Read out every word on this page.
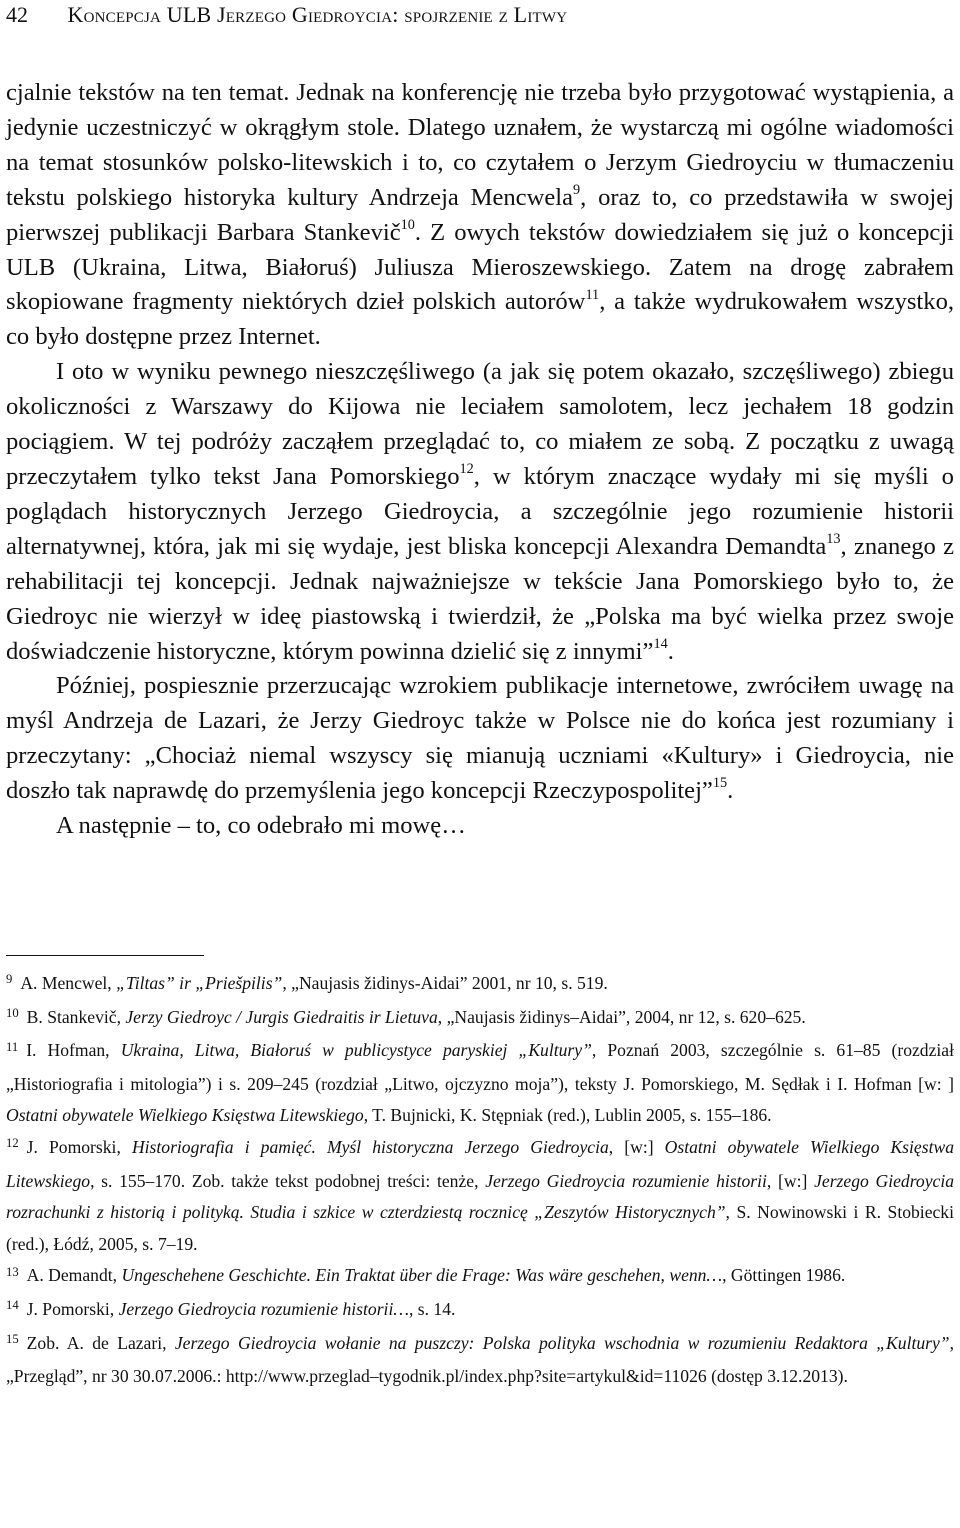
42 Koncepcja ULB Jerzego Giedroycia: spojrzenie z Litwy

cjalnie tekstów na ten temat. Jednak na konferencję nie trzeba było przygotować wystąpienia, a jedynie uczestniczyć w okrągłym stole. Dlatego uznałem, że wystarczą mi ogólne wiadomości na temat stosunków polsko-litewskich i to, co czytałem o Jerzym Giedroyciu w tłumaczeniu tekstu polskiego historyka kultury Andrzeja Mencwela$^9$, oraz to, co przedstawiła w swojej pierwszej publikacji Barbara Stankevič$^{10}$. Z owych tekstów dowiedziałem się już o koncepcji ULB (Ukraina, Litwa, Białoruś) Juliusza Mieroszewskiego. Zatem na drogę zabrałem skopiowane fragmenty niektórych dzieł polskich autorów$^{11}$, a także wydrukowałem wszystko, co było dostępne przez Internet.

I oto w wyniku pewnego nieszczęśliwego (a jak się potem okazało, szczęśliwego) zbiegu okoliczności z Warszawy do Kijowa nie leciałem samolotem, lecz jechałem 18 godzin pociągiem. W tej podróży zacząłem przeglądać to, co miałem ze sobą. Z początku z uwagą przeczytałem tylko tekst Jana Pomorskiego$^{12}$, w którym znaczące wydały mi się myśli o poglądach historycznych Jerzego Giedroycia, a szczególnie jego rozumienie historii alternatywnej, która, jak mi się wydaje, jest bliska koncepcji Alexandra Demandta$^{13}$, znanego z rehabilitacji tej koncepcji. Jednak najważniejsze w tekście Jana Pomorskiego było to, że Giedroyc nie wierzył w ideę piastowską i twierdził, że „Polska ma być wielka przez swoje doświadczenie historyczne, którym powinna dzielić się z innymi”$^{14}$.

Później, pospiesznie przerzucając wzrokiem publikacje internetowe, zwróciłem uwagę na myśl Andrzeja de Lazari, że Jerzy Giedroyc także w Polsce nie do końca jest rozumiany i przeczytany: „Chociaż niemal wszyscy się mianują uczniami «Kultury» i Giedroycia, nie doszło tak naprawdę do przemyślenia jego koncepcji Rzeczypospolitej”$^{15}$.

A następnie – to, co odebrało mi mowę…

$^9$ A. Mencwel, „Tiltas” ir „Priešpilis”, „Naujasis židinys-Aidai” 2001, nr 10, s. 519.

$^{10}$ B. Stankevič, Jerzy Giedroyc / Jurgis Giedraitis ir Lietuva, „Naujasis židinys–Aidai”, 2004, nr 12, s. 620–625.

$^{11}$ I. Hofman, Ukraina, Litwa, Białoruś w publicystyce paryskiej „Kultury”, Poznań 2003, szczególnie s. 61–85 (rozdział „Historiografia i mitologia”) i s. 209–245 (rozdział „Litwo, ojczyzno moja”), teksty J. Pomorskiego, M. Sędłak i I. Hofman [w: ] Ostatni obywatele Wielkiego Księstwa Litewskiego, T. Bujnicki, K. Stępniak (red.), Lublin 2005, s. 155–186.

$^{12}$ J. Pomorski, Historiografia i pamięć. Myśl historyczna Jerzego Giedroycia, [w:] Ostatni obywatele Wielkiego Księstwa Litewskiego, s. 155–170. Zob. także tekst podobnej treści: tenże, Jerzego Giedroycia rozumienie historii, [w:] Jerzego Giedroycia rozrachunki z historią i polityką. Studia i szkice w czterdziestą rocznicę „Zeszytów Historycznych”, S. Nowinowski i R. Stobiecki (red.), Łódź, 2005, s. 7–19.

$^{13}$ A. Demandt, Ungeschehene Geschichte. Ein Traktat über die Frage: Was wäre geschehen, wenn…, Göttingen 1986.

$^{14}$ J. Pomorski, Jerzego Giedroycia rozumienie historii…, s. 14.

$^{15}$ Zob. A. de Lazari, Jerzego Giedroycia wołanie na puszczy: Polska polityka wschodnia w rozumieniu Redaktora „Kultury”, „Przegląd”, nr 30 30.07.2006.: http://www.przeglad–tygodnik.pl/index.php?site=artykul&id=11026 (dostęp 3.12.2013).
